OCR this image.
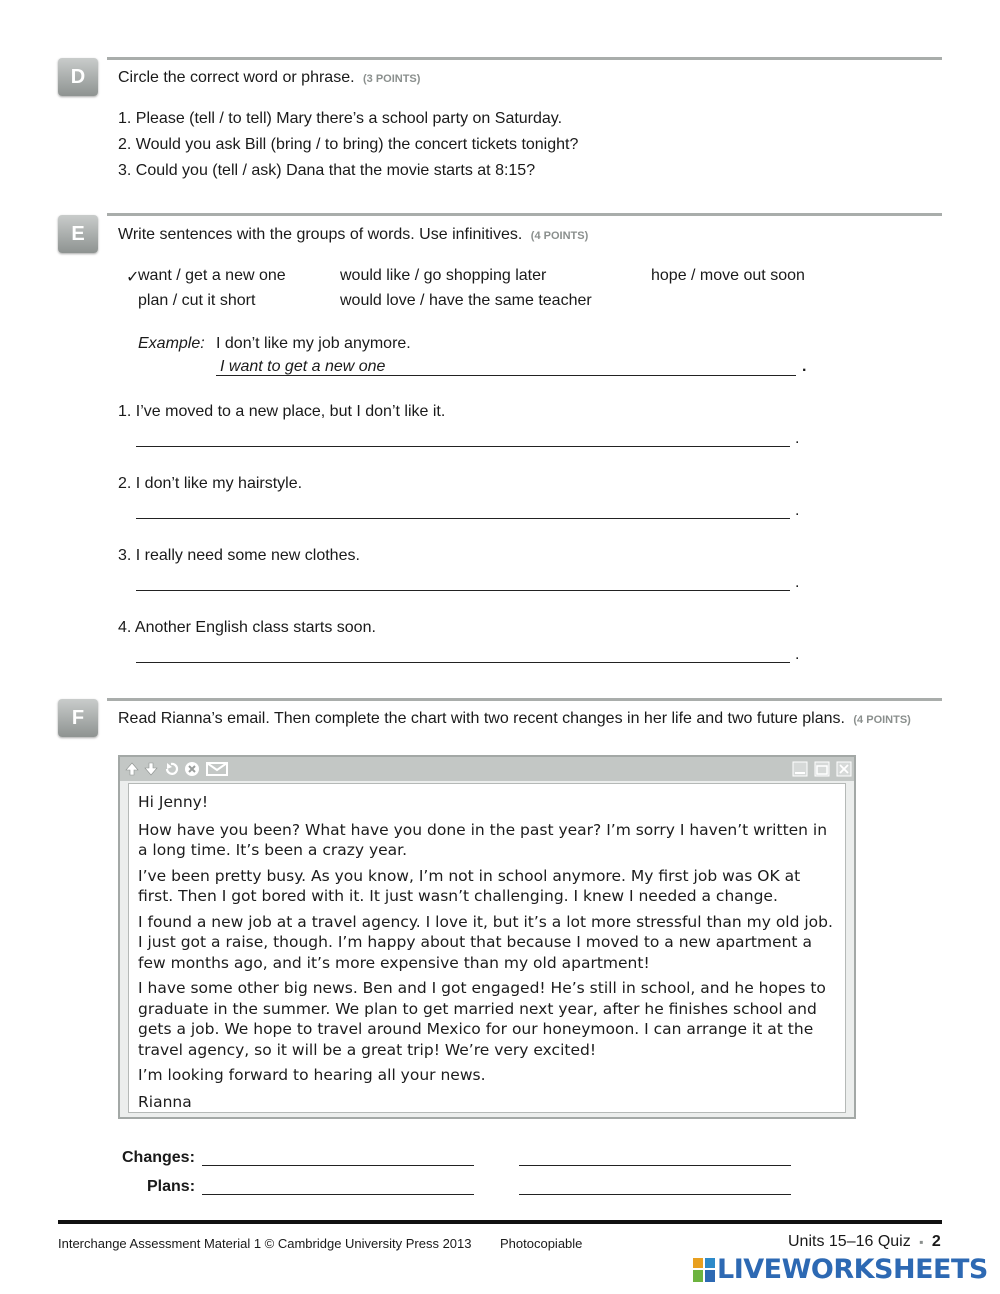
D	Circle the correct word or phrase. (3 POINTS)
1. Please (tell / to tell) Mary there’s a school party on Saturday.
2. Would you ask Bill (bring / to bring) the concert tickets tonight?
3. Could you (tell / ask) Dana that the movie starts at 8:15?
E	Write sentences with the groups of words. Use infinitives. (4 POINTS)
✓
want / get a new one	would like / go shopping later	hope / move out soon
plan / cut it short	would love / have the same teacher
Example: I don’t like my job anymore.
I want to get a new one	.
1. I’ve moved to a new place, but I don’t like it.
.
2. I don’t like my hairstyle.
.
3. I really need some new clothes.
.
4. Another English class starts soon.
.
F	Read Rianna’s email. Then complete the chart with two recent changes in her life and two future plans. (4 POINTS)

Hi Jenny!

How have you been? What have you done in the past year? I’m sorry I haven’t written in a long time. It’s been a crazy year.

I’ve been pretty busy. As you know, I’m not in school anymore. My first job was OK at first. Then I got bored with it. It just wasn’t challenging. I knew I needed a change.

I found a new job at a travel agency. I love it, but it’s a lot more stressful than my old job. I just got a raise, though. I’m happy about that because I moved to a new apartment a few months ago, and it’s more expensive than my old apartment!

I have some other big news. Ben and I got engaged! He’s still in school, and he hopes to graduate in the summer. We plan to get married next year, after he finishes school and gets a job. We hope to travel around Mexico for our honeymoon. I can arrange it at the travel agency, so it will be a great trip! We’re very excited!

I’m looking forward to hearing all your news.

Rianna

Changes:
Plans:
Interchange Assessment Material 1 © Cambridge University Press 2013 Photocopiable	Units 15–16 Quiz ▪ 2
LIVEWORKSHEETS
